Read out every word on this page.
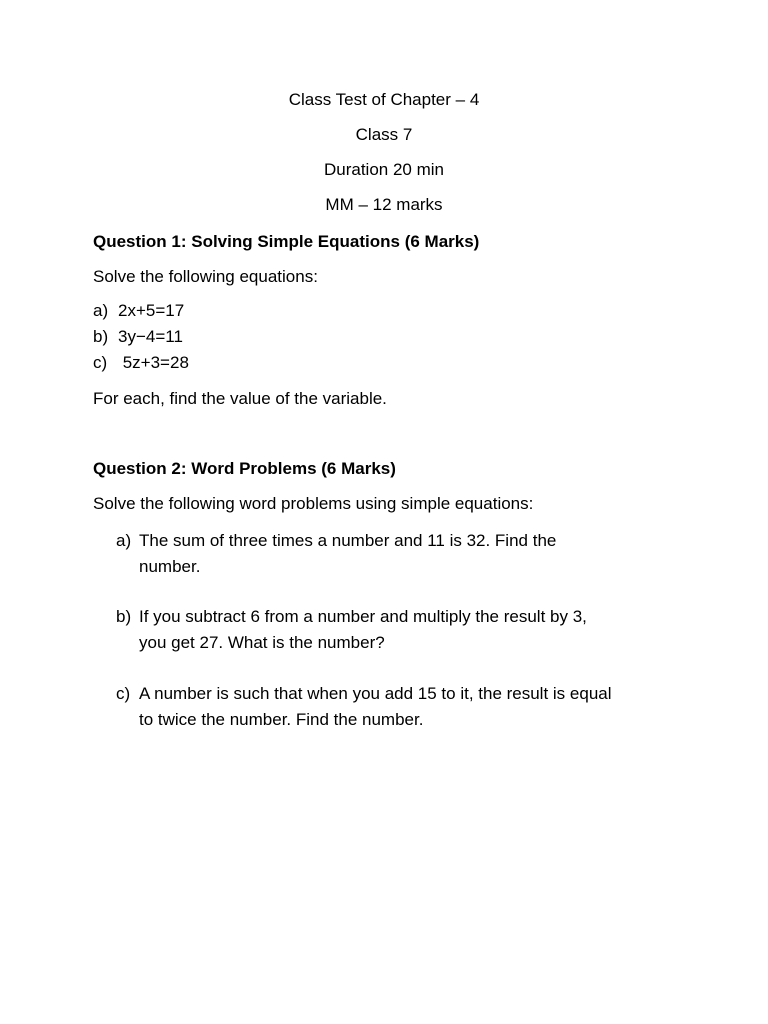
Class Test of Chapter – 4
Class 7
Duration 20 min
MM – 12 marks
Question 1: Solving Simple Equations (6 Marks)
Solve the following equations:
a) 2x+5=17
b) 3y−4=11
c) 5z+3=28
For each, find the value of the variable.
Question 2: Word Problems (6 Marks)
Solve the following word problems using simple equations:
a) The sum of three times a number and 11 is 32. Find the
number.
b) If you subtract 6 from a number and multiply the result by 3,
you get 27. What is the number?
c) A number is such that when you add 15 to it, the result is equal
to twice the number. Find the number.
